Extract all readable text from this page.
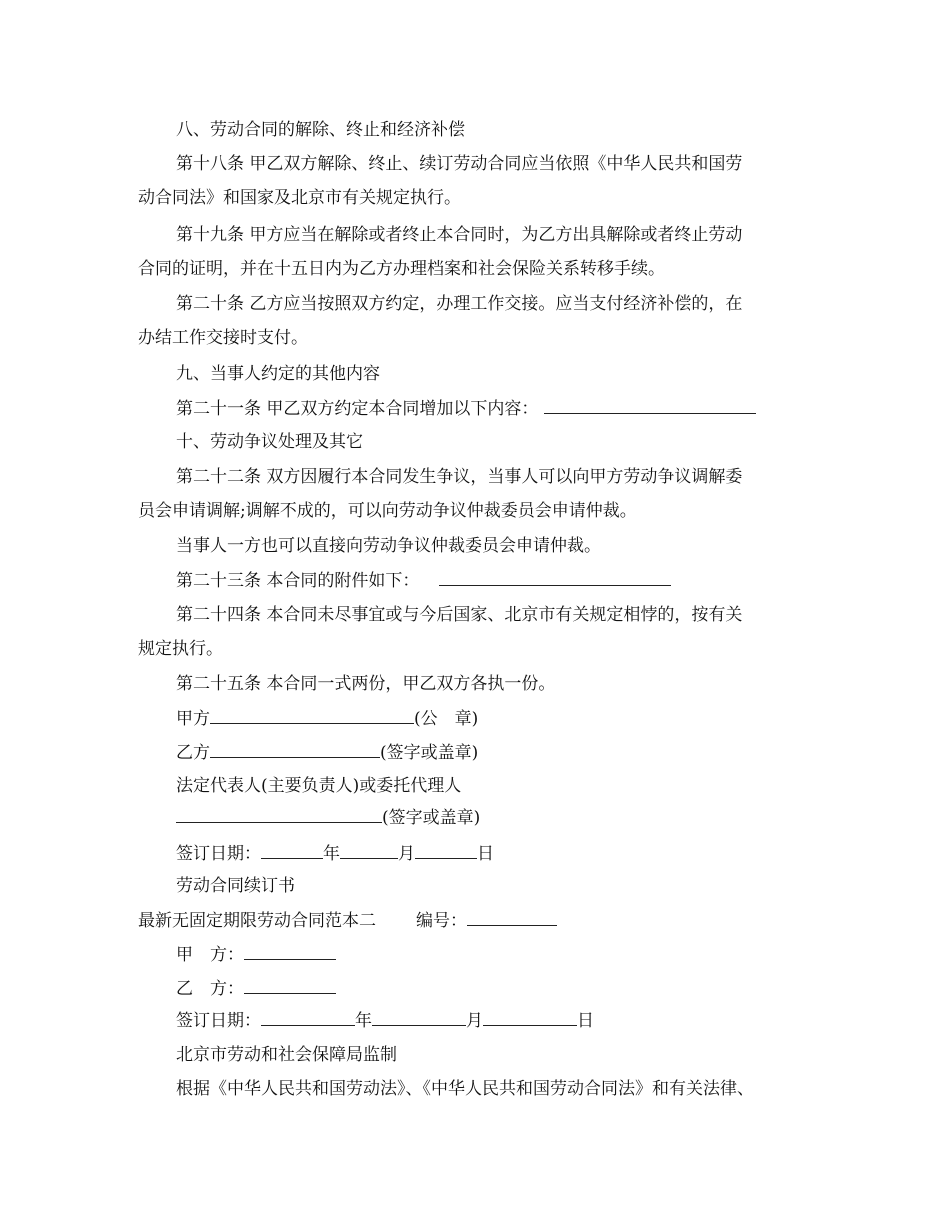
八、劳动合同的解除、终止和经济补偿
第十八条 甲乙双方解除、终止、续订劳动合同应当依照《中华人民共和国劳
动合同法》和国家及北京市有关规定执行。
第十九条 甲方应当在解除或者终止本合同时，为乙方出具解除或者终止劳动
合同的证明，并在十五日内为乙方办理档案和社会保险关系转移手续。
第二十条 乙方应当按照双方约定，办理工作交接。应当支付经济补偿的，在
办结工作交接时支付。
九、当事人约定的其他内容
第二十一条 甲乙双方约定本合同增加以下内容：
十、劳动争议处理及其它
第二十二条 双方因履行本合同发生争议，当事人可以向甲方劳动争议调解委
员会申请调解;调解不成的，可以向劳动争议仲裁委员会申请仲裁。
当事人一方也可以直接向劳动争议仲裁委员会申请仲裁。
第二十三条 本合同的附件如下：
第二十四条 本合同未尽事宜或与今后国家、北京市有关规定相悖的，按有关
规定执行。
第二十五条 本合同一式两份，甲乙双方各执一份。
甲方	(公　章)
乙方	(签字或盖章)
法定代表人(主要负责人)或委托代理人
(签字或盖章)
签订日期：	年	月	日
劳动合同续订书
最新无固定期限劳动合同范本二 编号：
甲　方：
乙　方：
签订日期：	年	月	日
北京市劳动和社会保障局监制
根据《中华人民共和国劳动法》、《中华人民共和国劳动合同法》和有关法律、
